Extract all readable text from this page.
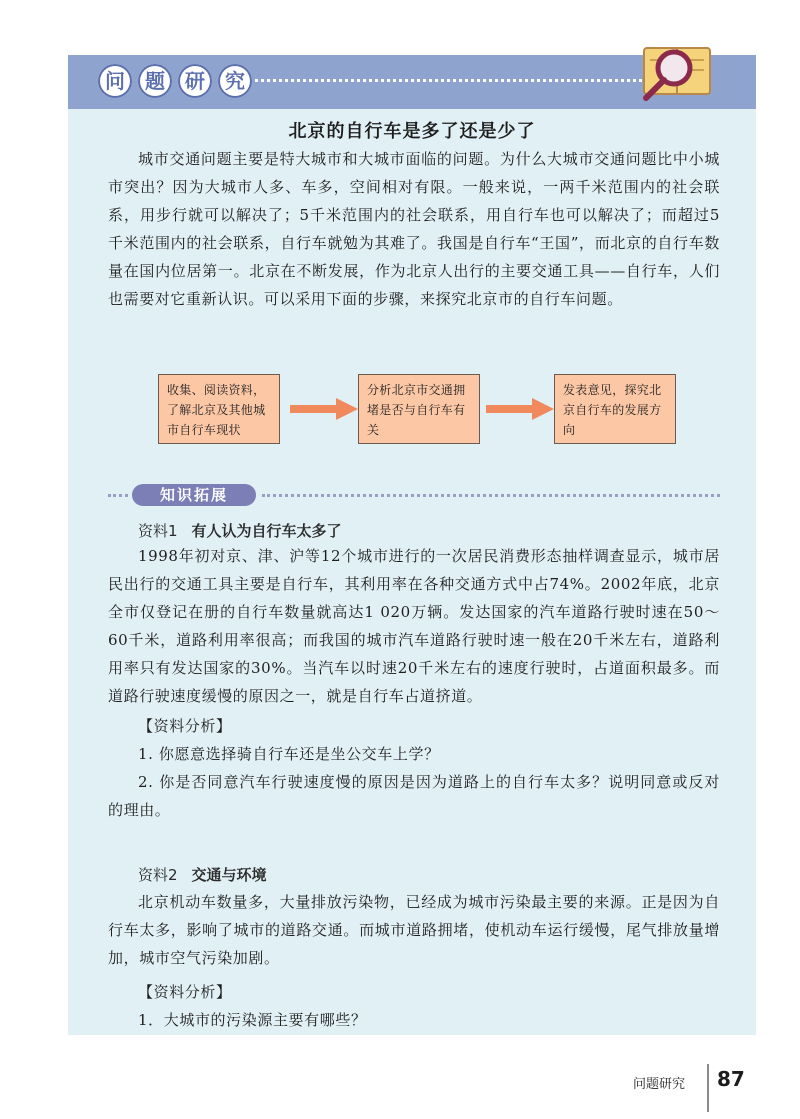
问	题	研	究
北京的自行车是多了还是少了

城市交通问题主要是特大城市和大城市面临的问题。为什么大城市交通问题比中小城市突出？因为大城市人多、车多，空间相对有限。一般来说，一两千米范围内的社会联系，用步行就可以解决了；5千米范围内的社会联系，用自行车也可以解决了；而超过5千米范围内的社会联系，自行车就勉为其难了。我国是自行车“王国”，而北京的自行车数量在国内位居第一。北京在不断发展，作为北京人出行的主要交通工具——自行车，人们也需要对它重新认识。可以采用下面的步骤，来探究北京市的自行车问题。

收集、阅读资料，了解北京及其他城市自行车现状
分析北京市交通拥堵是否与自行车有关
发表意见，探究北京自行车的发展方向
知识拓展
资料1 有人认为自行车太多了

1998年初对京、津、沪等12个城市进行的一次居民消费形态抽样调查显示，城市居民出行的交通工具主要是自行车，其利用率在各种交通方式中占74%。2002年底，北京全市仅登记在册的自行车数量就高达1 020万辆。发达国家的汽车道路行驶时速在50～60千米，道路利用率很高；而我国的城市汽车道路行驶时速一般在20千米左右，道路利用率只有发达国家的30%。当汽车以时速20千米左右的速度行驶时，占道面积最多。而道路行驶速度缓慢的原因之一，就是自行车占道挤道。

【资料分析】
1. 你愿意选择骑自行车还是坐公交车上学？

2. 你是否同意汽车行驶速度慢的原因是因为道路上的自行车太多？说明同意或反对的理由。

资料2 交通与环境

北京机动车数量多，大量排放污染物，已经成为城市污染最主要的来源。正是因为自行车太多，影响了城市的道路交通。而城市道路拥堵，使机动车运行缓慢，尾气排放量增加，城市空气污染加剧。

【资料分析】
1．大城市的污染源主要有哪些？
问题研究 87
